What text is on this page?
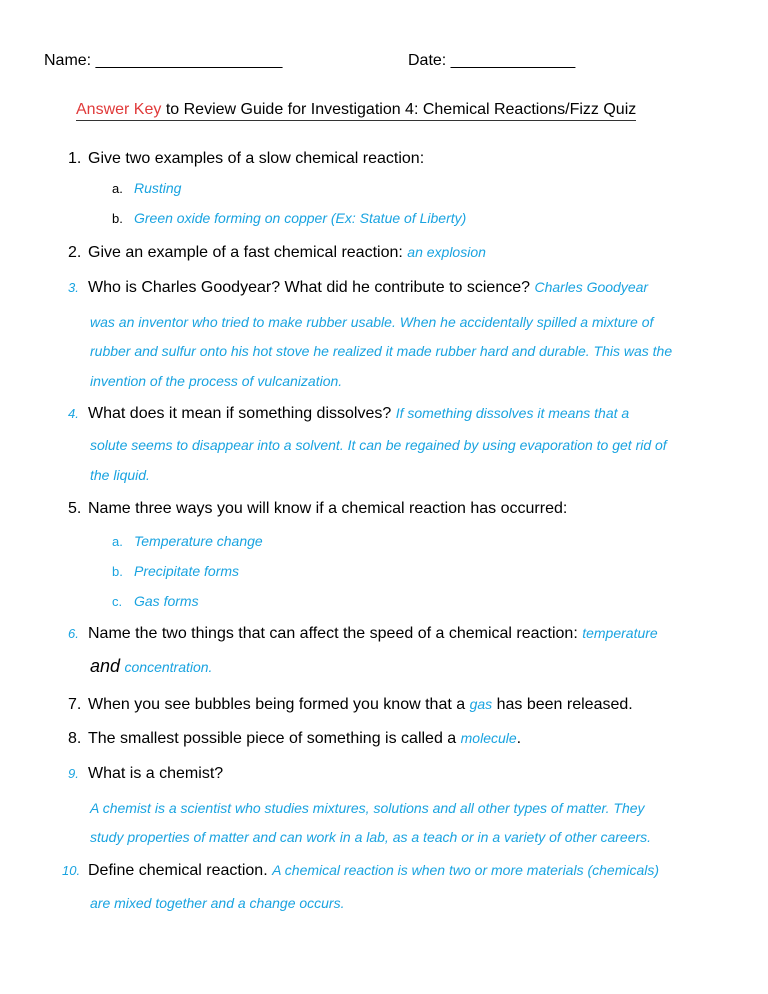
Name: _____________________	Date: ______________
Answer Key to Review Guide for Investigation 4: Chemical Reactions/Fizz Quiz
1. Give two examples of a slow chemical reaction:
a. Rusting
b. Green oxide forming on copper (Ex: Statue of Liberty)
2. Give an example of a fast chemical reaction: an explosion
3. Who is Charles Goodyear? What did he contribute to science? Charles Goodyear
was an inventor who tried to make rubber usable. When he accidentally spilled a mixture of
rubber and sulfur onto his hot stove he realized it made rubber hard and durable. This was the
invention of the process of vulcanization.
4. What does it mean if something dissolves? If something dissolves it means that a
solute seems to disappear into a solvent. It can be regained by using evaporation to get rid of
the liquid.
5. Name three ways you will know if a chemical reaction has occurred:
a. Temperature change
b. Precipitate forms
c. Gas forms
6. Name the two things that can affect the speed of a chemical reaction: temperature
and concentration.
7. When you see bubbles being formed you know that a gas has been released.
8. The smallest possible piece of something is called a molecule.
9. What is a chemist?
A chemist is a scientist who studies mixtures, solutions and all other types of matter. They
study properties of matter and can work in a lab, as a teach or in a variety of other careers.
10. Define chemical reaction. A chemical reaction is when two or more materials (chemicals)
are mixed together and a change occurs.
